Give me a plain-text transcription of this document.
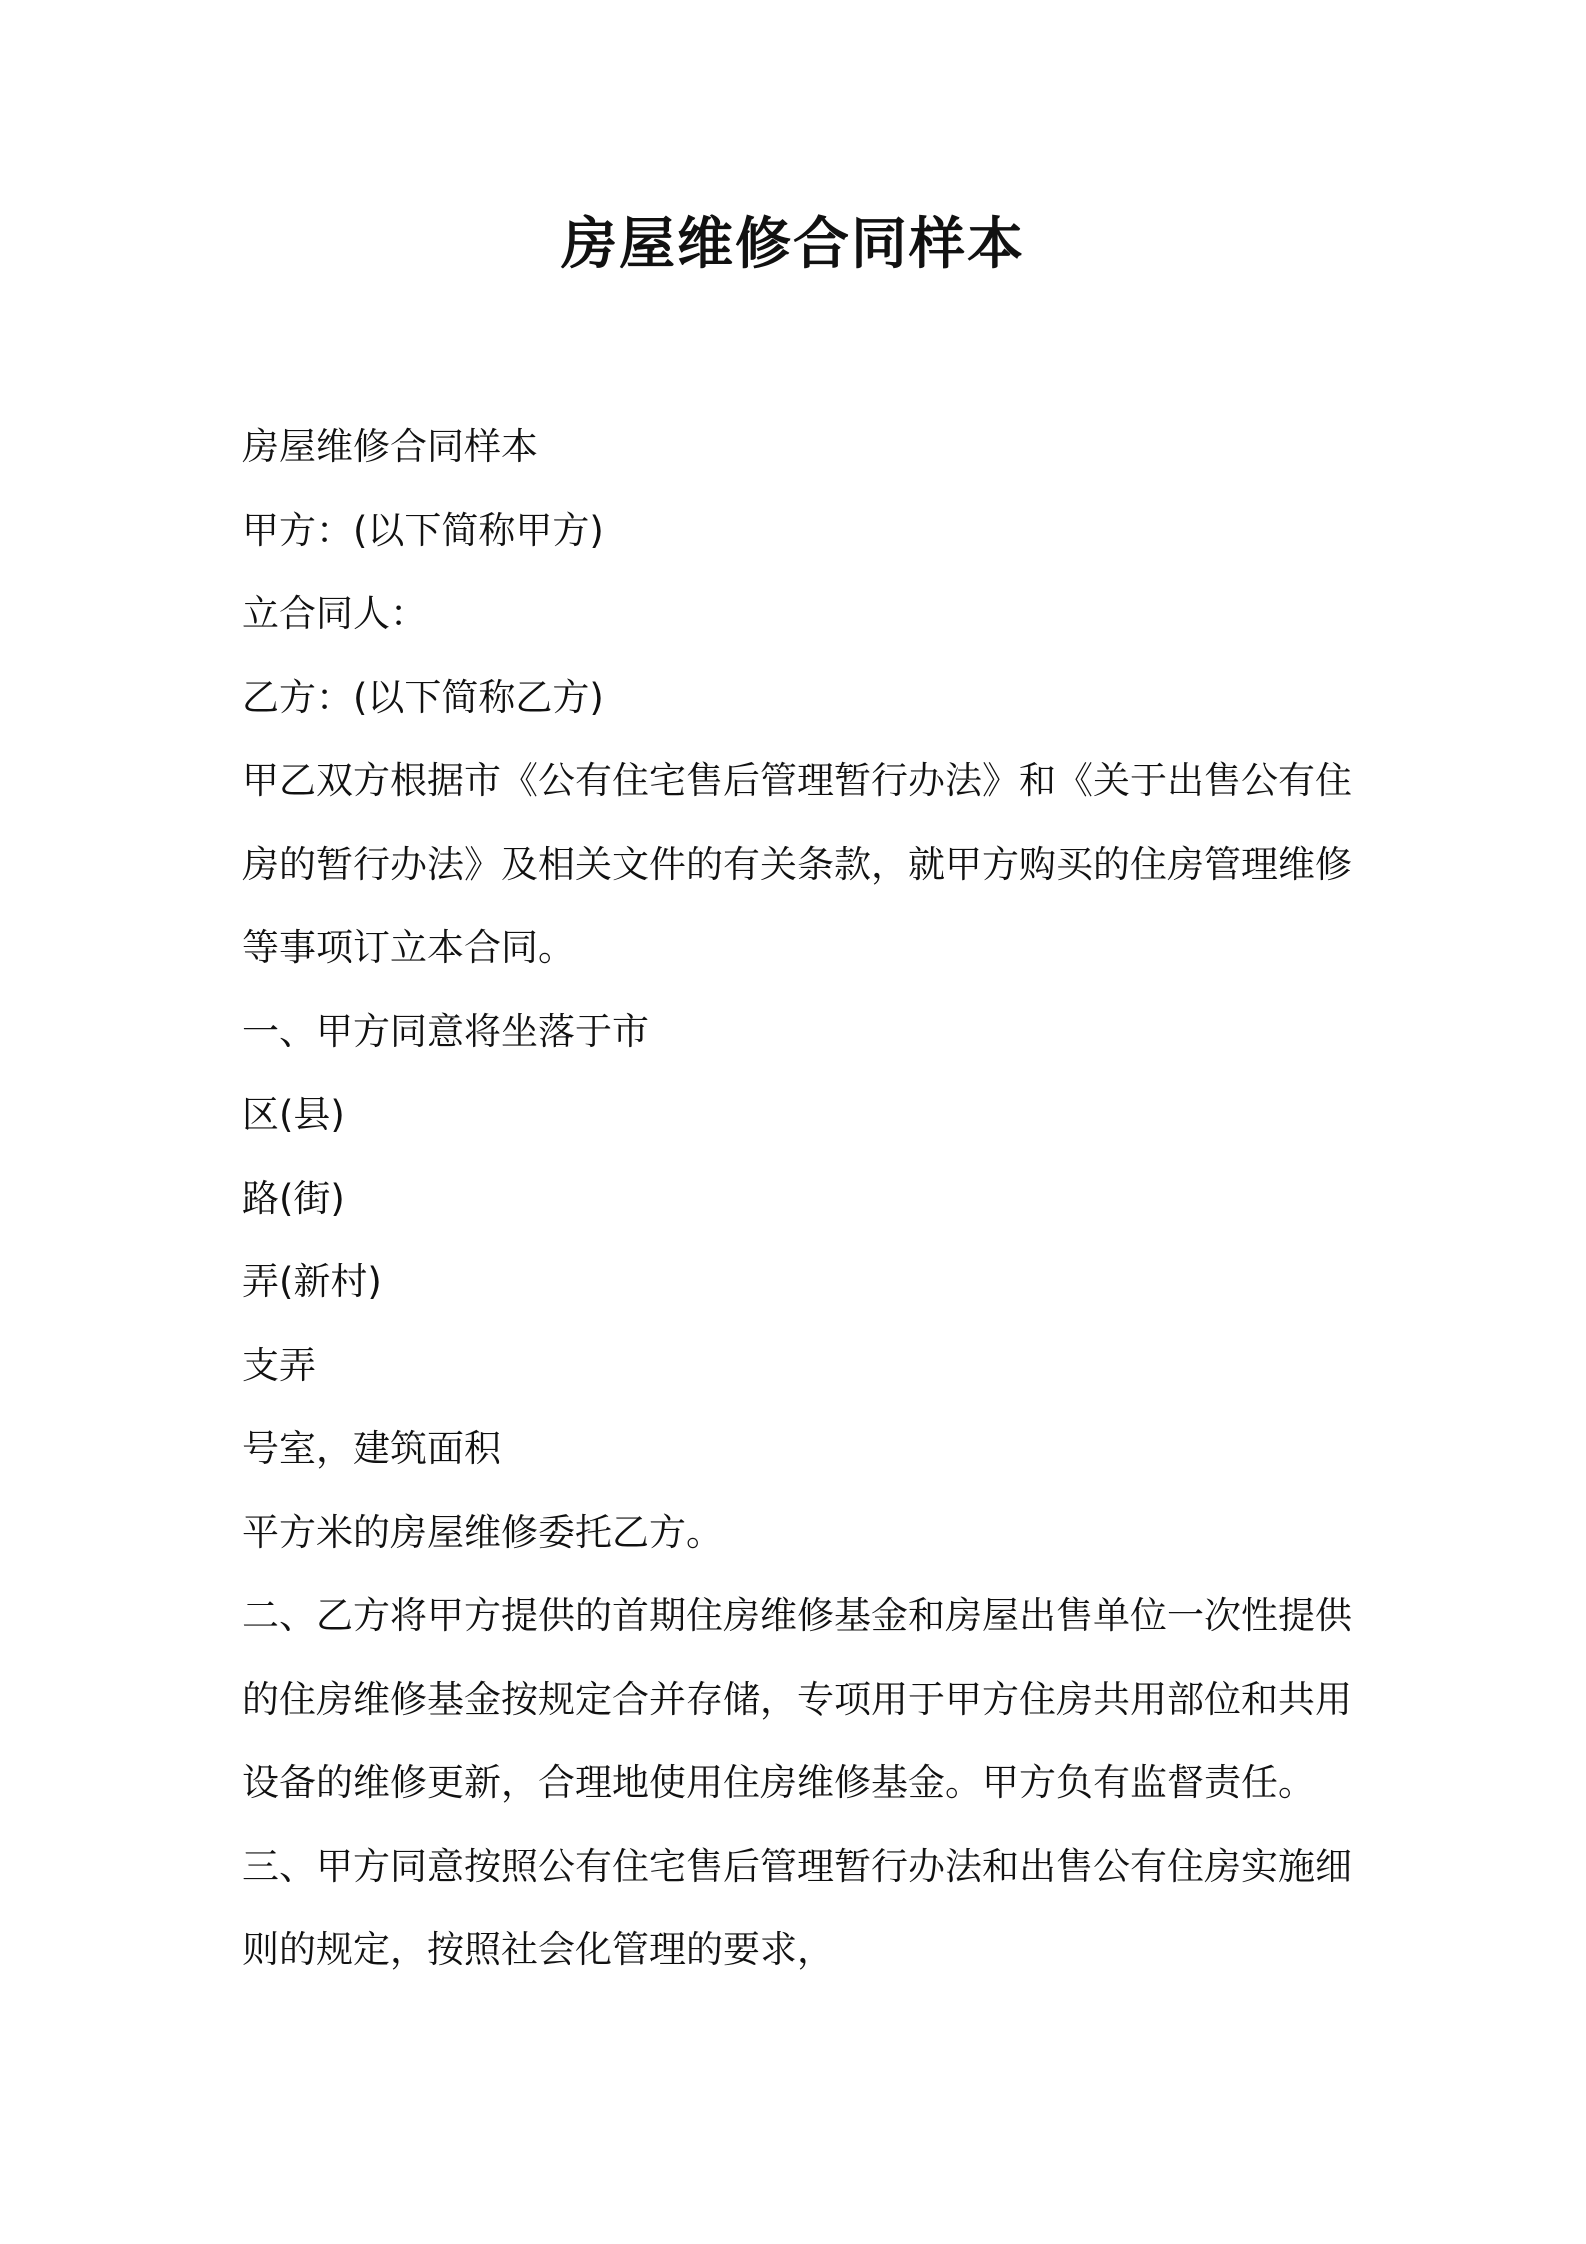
房屋维修合同样本

房屋维修合同样本

甲方：(以下简称甲方)

立合同人：

乙方：(以下简称乙方)

甲乙双方根据市《公有住宅售后管理暂行办法》和《关于出售公有住房的暂行办法》及相关文件的有关条款，就甲方购买的住房管理维修等事项订立本合同。

一、甲方同意将坐落于市

区(县)

路(街)

弄(新村)

支弄

号室，建筑面积

平方米的房屋维修委托乙方。

二、乙方将甲方提供的首期住房维修基金和房屋出售单位一次性提供的住房维修基金按规定合并存储，专项用于甲方住房共用部位和共用设备的维修更新，合理地使用住房维修基金。甲方负有监督责任。

三、甲方同意按照公有住宅售后管理暂行办法和出售公有住房实施细则的规定，按照社会化管理的要求，
